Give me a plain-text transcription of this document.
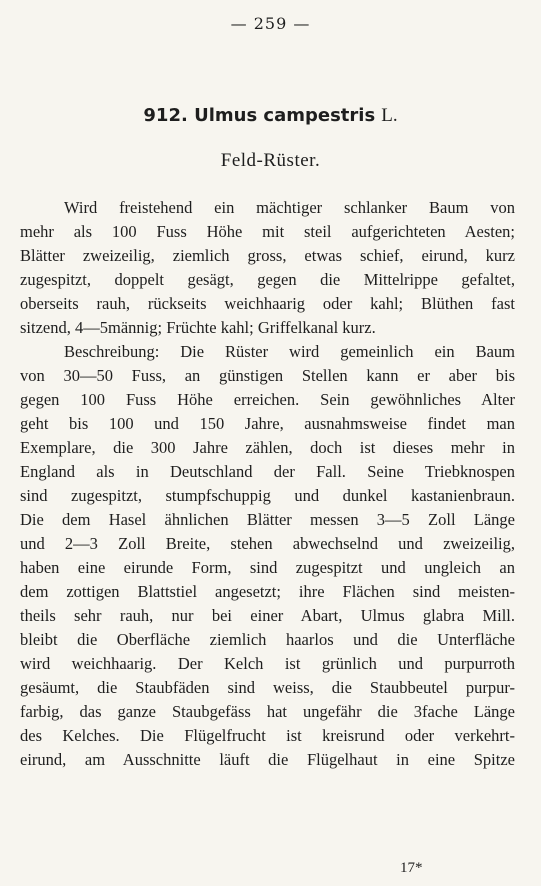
— 259 —
912. Ulmus campestris L.
Feld-Rüster.
Wird freistehend ein mächtiger schlanker Baum von
mehr als 100 Fuss Höhe mit steil aufgerichteten Aesten;
Blätter zweizeilig, ziemlich gross, etwas schief, eirund, kurz
zugespitzt, doppelt gesägt, gegen die Mittelrippe gefaltet,
oberseits rauh, rückseits weichhaarig oder kahl; Blüthen fast
sitzend, 4—5männig; Früchte kahl; Griffelkanal kurz.
Beschreibung: Die Rüster wird gemeinlich ein Baum
von 30—50 Fuss, an günstigen Stellen kann er aber bis
gegen 100 Fuss Höhe erreichen. Sein gewöhnliches Alter
geht bis 100 und 150 Jahre, ausnahmsweise findet man
Exemplare, die 300 Jahre zählen, doch ist dieses mehr in
England als in Deutschland der Fall. Seine Triebknospen
sind zugespitzt, stumpfschuppig und dunkel kastanienbraun.
Die dem Hasel ähnlichen Blätter messen 3—5 Zoll Länge
und 2—3 Zoll Breite, stehen abwechselnd und zweizeilig,
haben eine eirunde Form, sind zugespitzt und ungleich an
dem zottigen Blattstiel angesetzt; ihre Flächen sind meisten-
theils sehr rauh, nur bei einer Abart, Ulmus glabra Mill.
bleibt die Oberfläche ziemlich haarlos und die Unterfläche
wird weichhaarig. Der Kelch ist grünlich und purpurroth
gesäumt, die Staubfäden sind weiss, die Staubbeutel purpur-
farbig, das ganze Staubgefäss hat ungefähr die 3fache Länge
des Kelches. Die Flügelfrucht ist kreisrund oder verkehrt-
eirund, am Ausschnitte läuft die Flügelhaut in eine Spitze
17*
